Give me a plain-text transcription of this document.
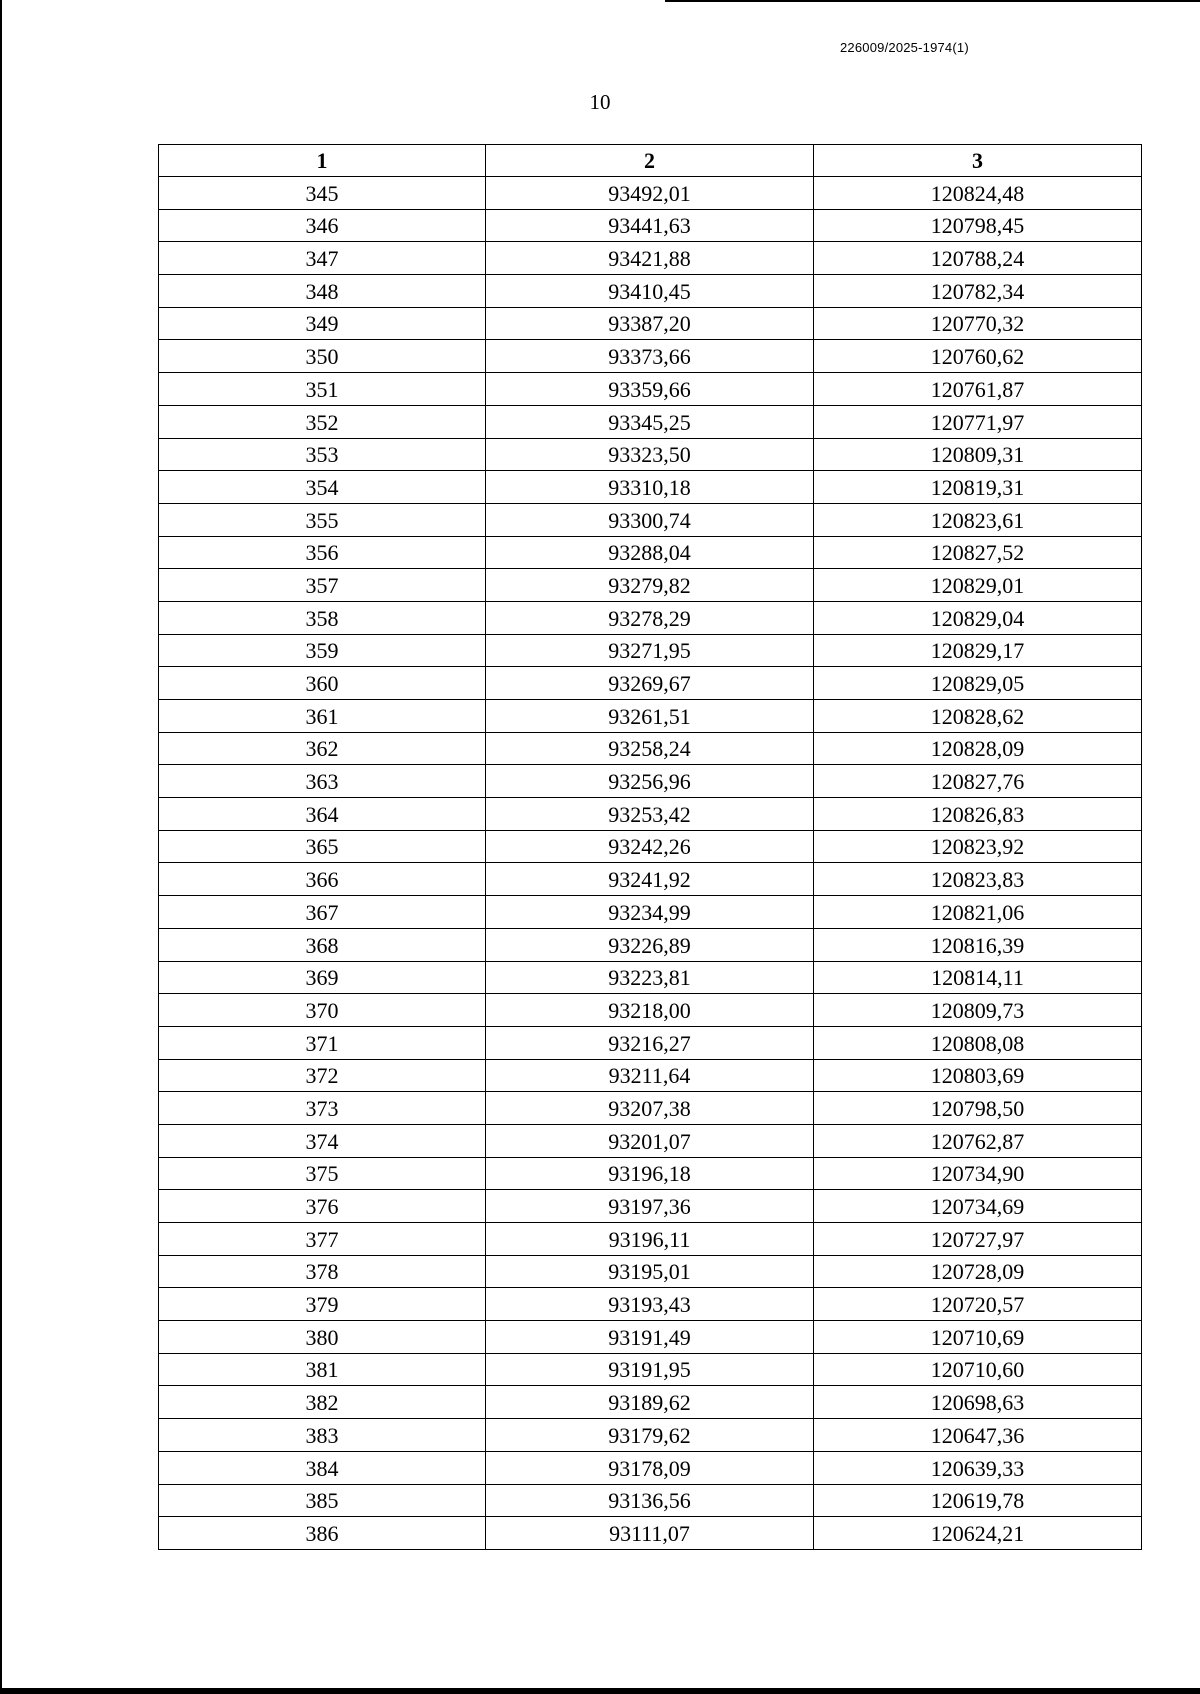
226009/2025-1974(1)
10
1	2	3
345	93492,01	120824,48
346	93441,63	120798,45
347	93421,88	120788,24
348	93410,45	120782,34
349	93387,20	120770,32
350	93373,66	120760,62
351	93359,66	120761,87
352	93345,25	120771,97
353	93323,50	120809,31
354	93310,18	120819,31
355	93300,74	120823,61
356	93288,04	120827,52
357	93279,82	120829,01
358	93278,29	120829,04
359	93271,95	120829,17
360	93269,67	120829,05
361	93261,51	120828,62
362	93258,24	120828,09
363	93256,96	120827,76
364	93253,42	120826,83
365	93242,26	120823,92
366	93241,92	120823,83
367	93234,99	120821,06
368	93226,89	120816,39
369	93223,81	120814,11
370	93218,00	120809,73
371	93216,27	120808,08
372	93211,64	120803,69
373	93207,38	120798,50
374	93201,07	120762,87
375	93196,18	120734,90
376	93197,36	120734,69
377	93196,11	120727,97
378	93195,01	120728,09
379	93193,43	120720,57
380	93191,49	120710,69
381	93191,95	120710,60
382	93189,62	120698,63
383	93179,62	120647,36
384	93178,09	120639,33
385	93136,56	120619,78
386	93111,07	120624,21
